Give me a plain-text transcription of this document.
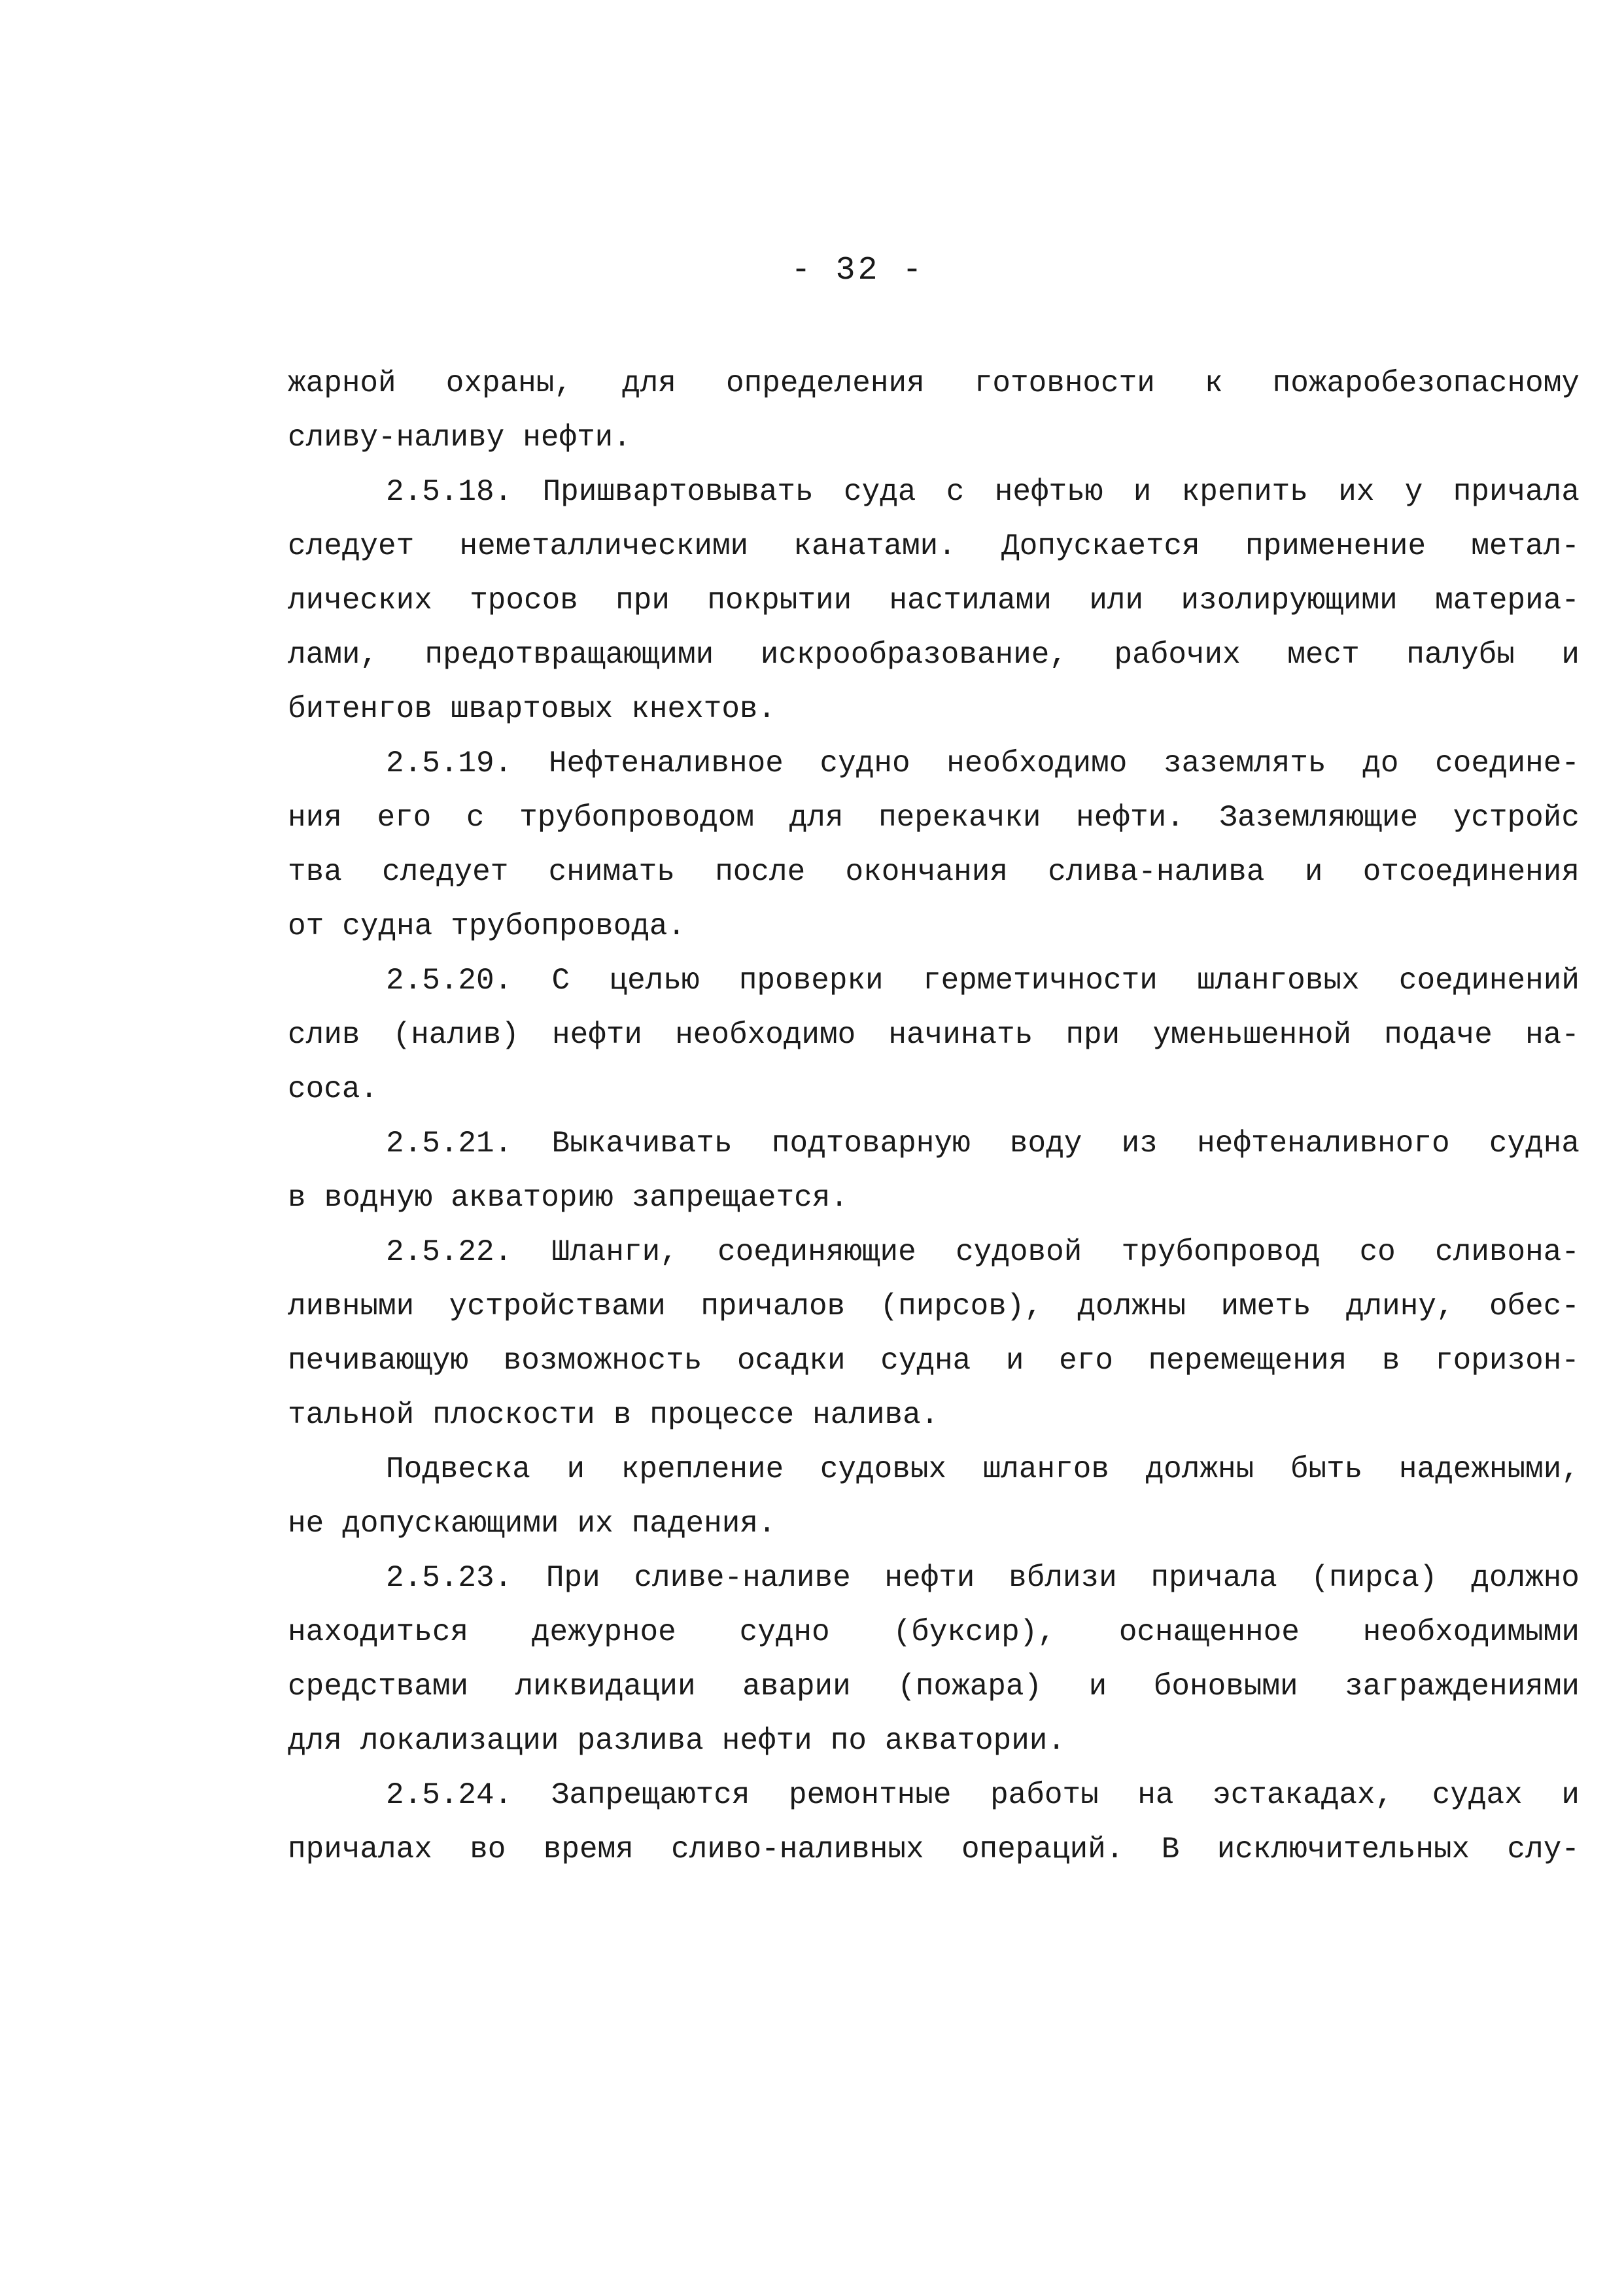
- 32 -
жарной охраны, для определения готовности к пожаробезопасному
сливу-наливу нефти.
2.5.18. Пришвартовывать суда с нефтью и крепить их у причала
следует неметаллическими канатами. Допускается применение метал-
лических тросов при покрытии настилами или изолирующими материа-
лами, предотвращающими искрообразование, рабочих мест палубы и
битенгов швартовых кнехтов.
2.5.19. Нефтеналивное судно необходимо заземлять до соедине-
ния его с трубопроводом для перекачки нефти. Заземляющие устройс
тва следует снимать после окончания слива-налива и отсоединения
от судна трубопровода.
2.5.20. С целью проверки герметичности шланговых соединений
слив (налив) нефти необходимо начинать при уменьшенной подаче на-
соса.
2.5.21. Выкачивать подтоварную воду из нефтеналивного судна
в водную акваторию запрещается.
2.5.22. Шланги, соединяющие судовой трубопровод со сливона-
ливными устройствами причалов (пирсов), должны иметь длину, обес-
печивающую возможность осадки судна и его перемещения в горизон-
тальной плоскости в процессе налива.
Подвеска и крепление судовых шлангов должны быть надежными,
не допускающими их падения.
2.5.23. При сливе-наливе нефти вблизи причала (пирса) должно
находиться дежурное судно (буксир), оснащенное необходимыми
средствами ликвидации аварии (пожара) и боновыми заграждениями
для локализации разлива нефти по акватории.
2.5.24. Запрещаются ремонтные работы на эстакадах, судах и
причалах во время сливо-наливных операций. В исключительных слу-
